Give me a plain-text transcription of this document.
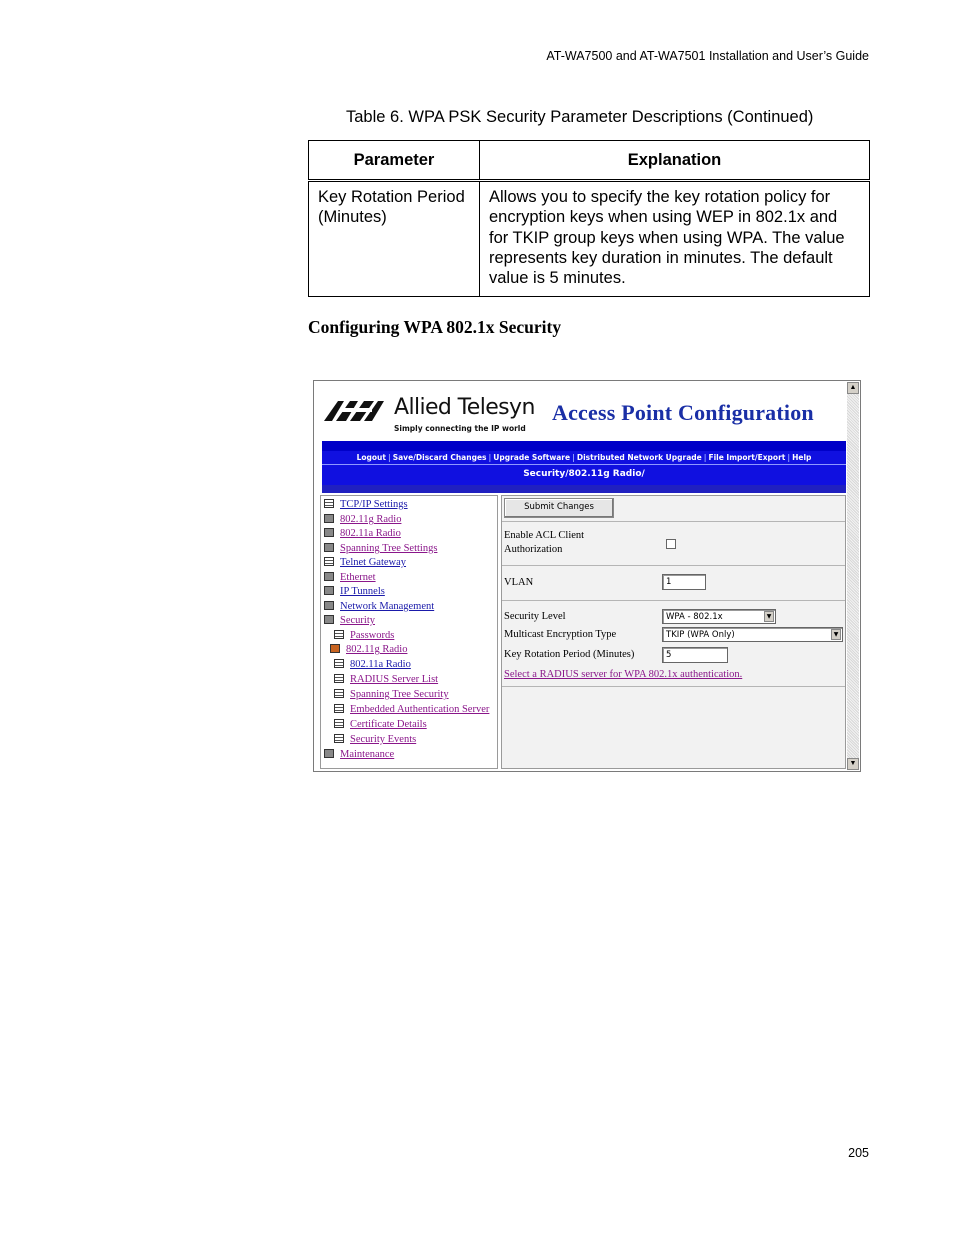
AT-WA7500 and AT-WA7501 Installation and User’s Guide
Table 6. WPA PSK Security Parameter Descriptions (Continued)
Parameter	Explanation
Key Rotation Period (Minutes)	Allows you to specify the key rotation policy for encryption keys when using WEP in 802.1x and for TKIP group keys when using WPA. The value represents key duration in minutes. The default value is 5 minutes.
Configuring WPA 802.1x Security
Allied Telesyn
Simply connecting the IP world
Access Point Configuration
Logout | Save/Discard Changes | Upgrade Software | Distributed Network Upgrade | File Import/Export | Help
Security/802.11g Radio/
TCP/IP Settings
802.11g Radio
802.11a Radio
Spanning Tree Settings
Telnet Gateway
Ethernet
IP Tunnels
Network Management
Security
Passwords
802.11g Radio
802.11a Radio
RADIUS Server List
Spanning Tree Security
Embedded Authentication Server
Certificate Details
Security Events
Maintenance
Submit Changes
Enable ACL Client
Authorization
VLAN	1
Security Level	WPA - 802.1x	▼
Multicast Encryption Type	TKIP (WPA Only)	▼
Key Rotation Period (Minutes)	5
Select a RADIUS server for WPA 802.1x authentication.
▲
▼
205
